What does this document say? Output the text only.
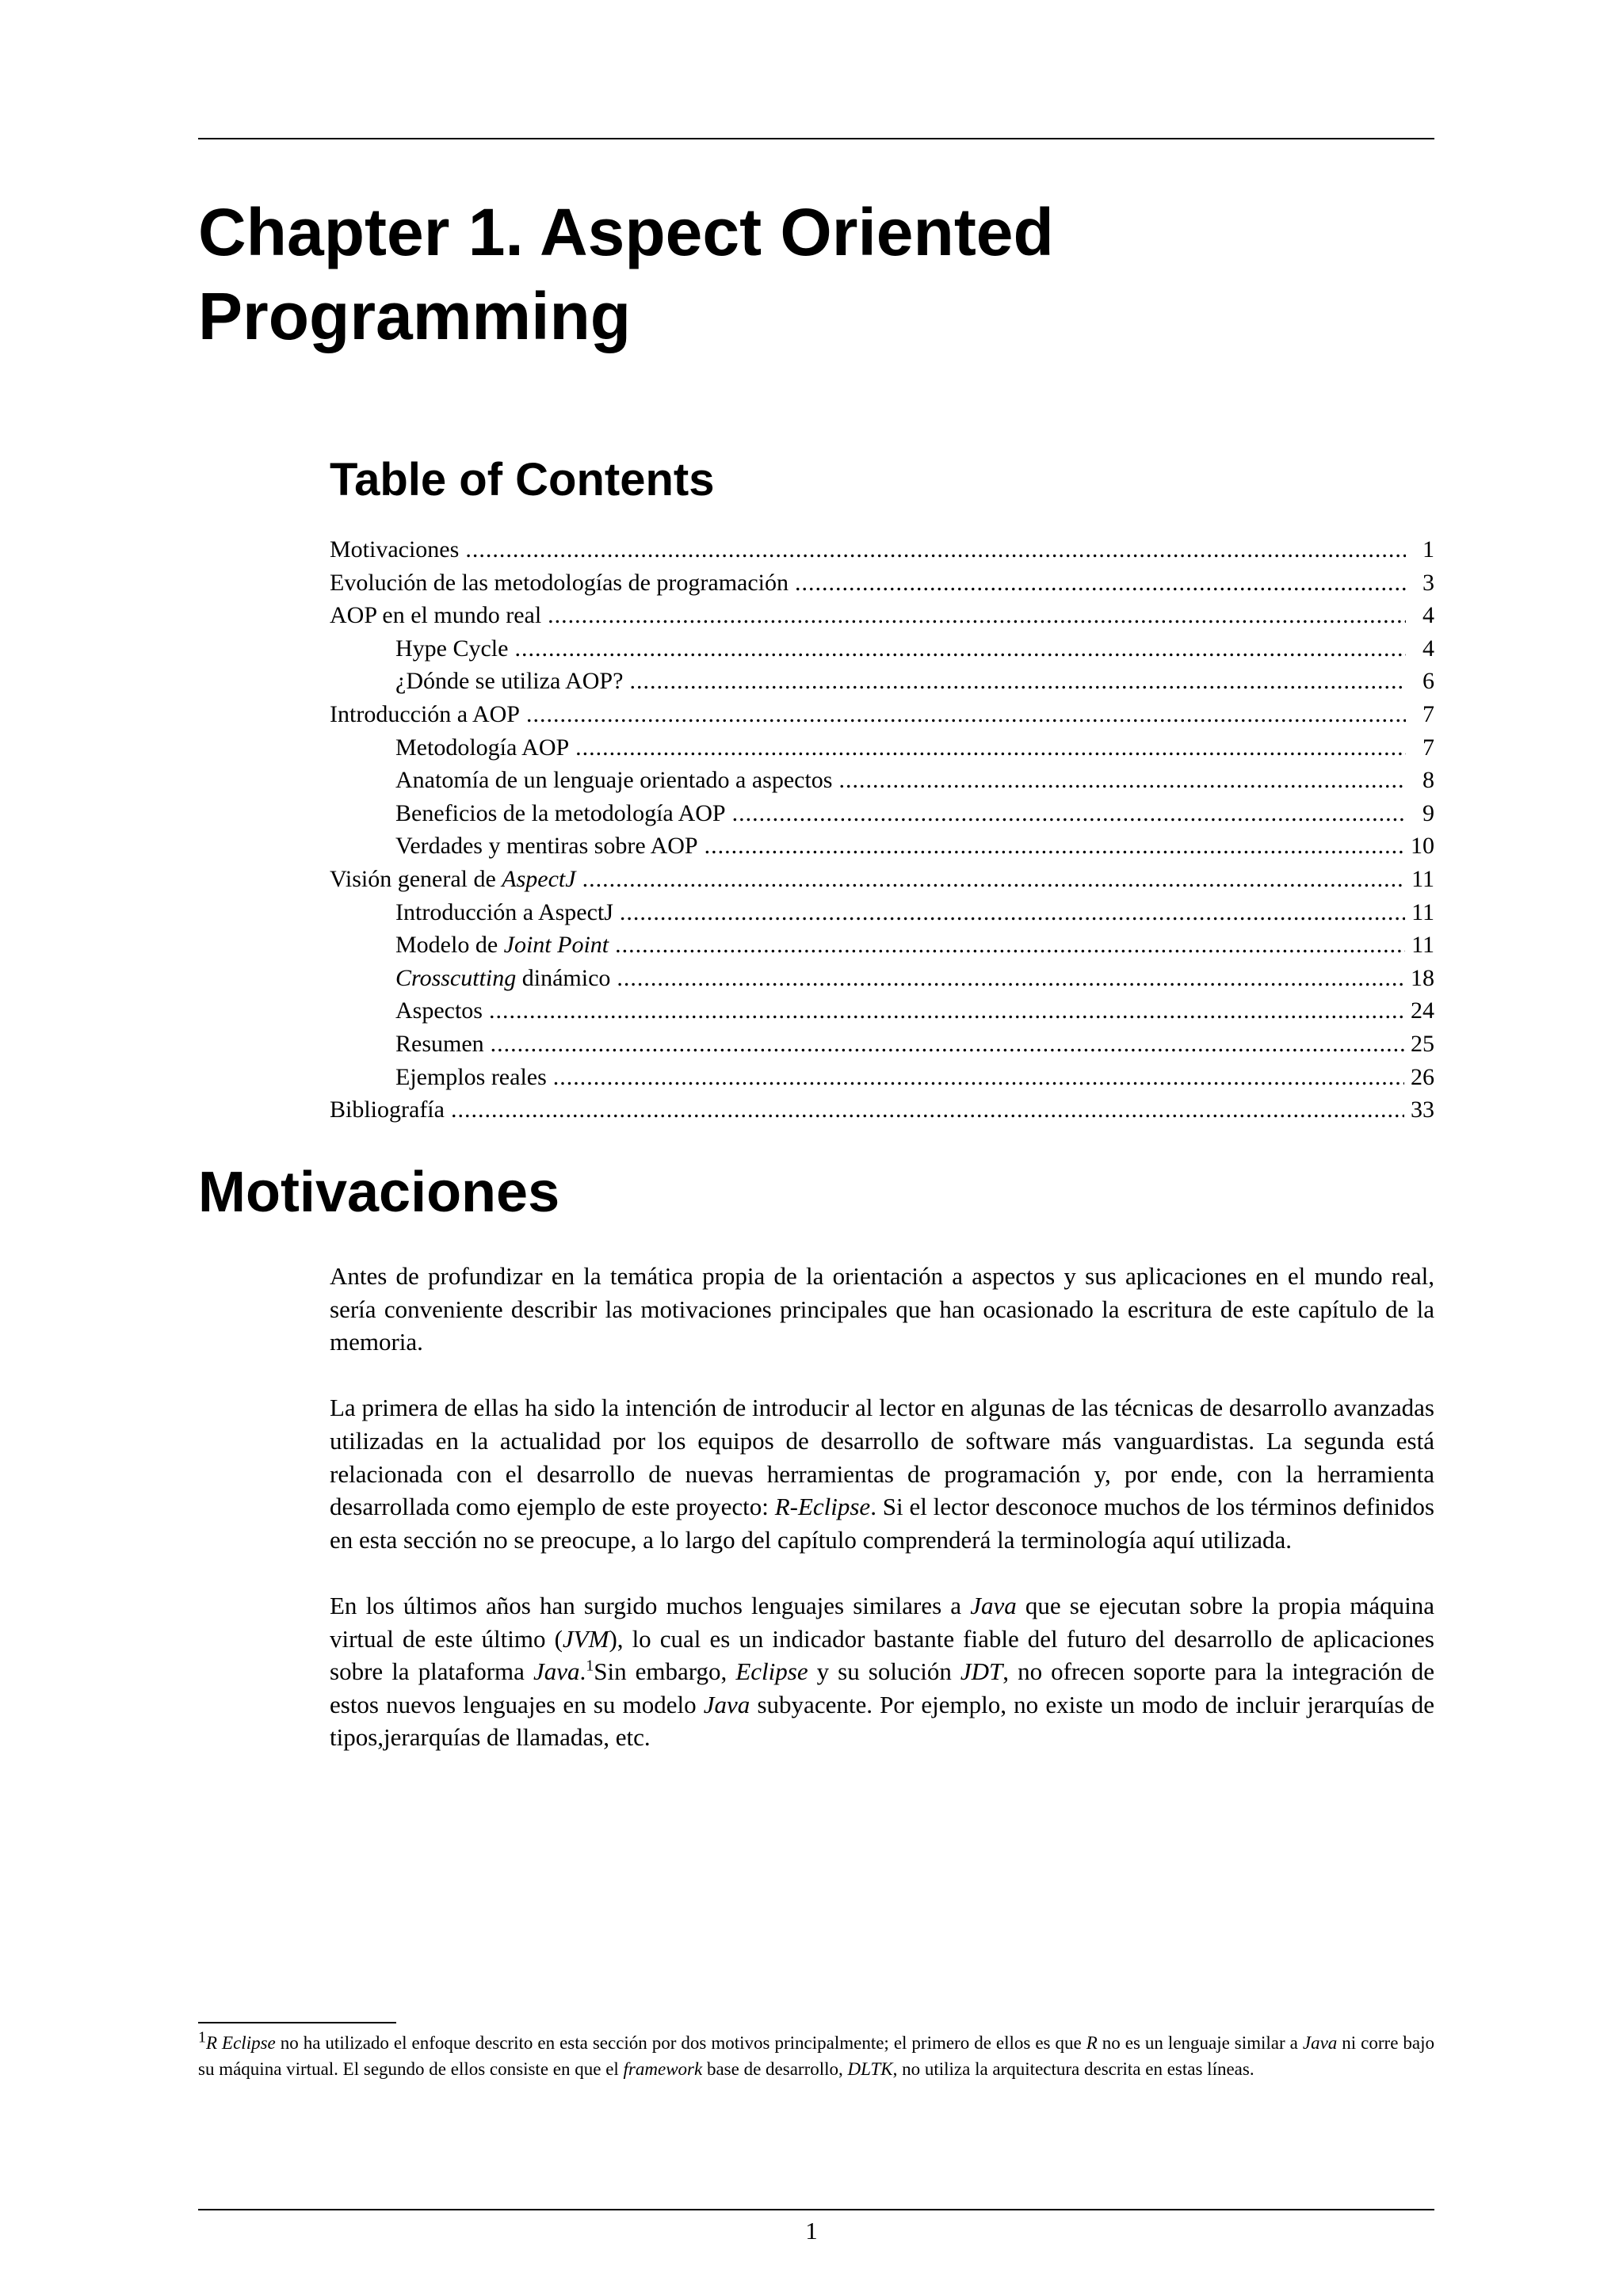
Chapter 1. Aspect Oriented
Programming
Table of Contents
Motivaciones .....	1
Evolución de las metodologías de programación .....	3
AOP en el mundo real .....	4
Hype Cycle .....	4
¿Dónde se utiliza AOP? .....	6
Introducción a AOP .....	7
Metodología AOP .....	7
Anatomía de un lenguaje orientado a aspectos .....	8
Beneficios de la metodología AOP .....	9
Verdades y mentiras sobre AOP .....	10
Visión general de AspectJ .....	11
Introducción a AspectJ .....	11
Modelo de Joint Point .....	11
Crosscutting dinámico .....	18
Aspectos .....	24
Resumen .....	25
Ejemplos reales .....	26
Bibliografía .....	33
Motivaciones

Antes de profundizar en la temática propia de la orientación a aspectos y sus aplicaciones en el mundo real, sería conveniente describir las motivaciones principales que han ocasionado la escritura de este capítulo de la memoria.

La primera de ellas ha sido la intención de introducir al lector en algunas de las técnicas de desarrollo avanzadas utilizadas en la actualidad por los equipos de desarrollo de software más vanguardistas. La segunda está relacionada con el desarrollo de nuevas herramientas de programación y, por ende, con la herramienta desarrollada como ejemplo de este proyecto: R-Eclipse. Si el lector desconoce muchos de los términos definidos en esta sección no se preocupe, a lo largo del capítulo comprenderá la terminología aquí utilizada.

En los últimos años han surgido muchos lenguajes similares a Java que se ejecutan sobre la propia máquina virtual de este último (JVM), lo cual es un indicador bastante fiable del futuro del desarrollo de aplicaciones sobre la plataforma Java.$^1$Sin embargo, Eclipse y su solución JDT, no ofrecen soporte para la integración de estos nuevos lenguajes en su modelo Java subyacente. Por ejemplo, no existe un modo de incluir jerarquías de tipos,jerarquías de llamadas, etc.

$^1$R Eclipse no ha utilizado el enfoque descrito en esta sección por dos motivos principalmente; el primero de ellos es que R no es un lenguaje similar a Java ni corre bajo su máquina virtual. El segundo de ellos consiste en que el framework base de desarrollo, DLTK, no utiliza la arquitectura descrita en estas líneas.

1
